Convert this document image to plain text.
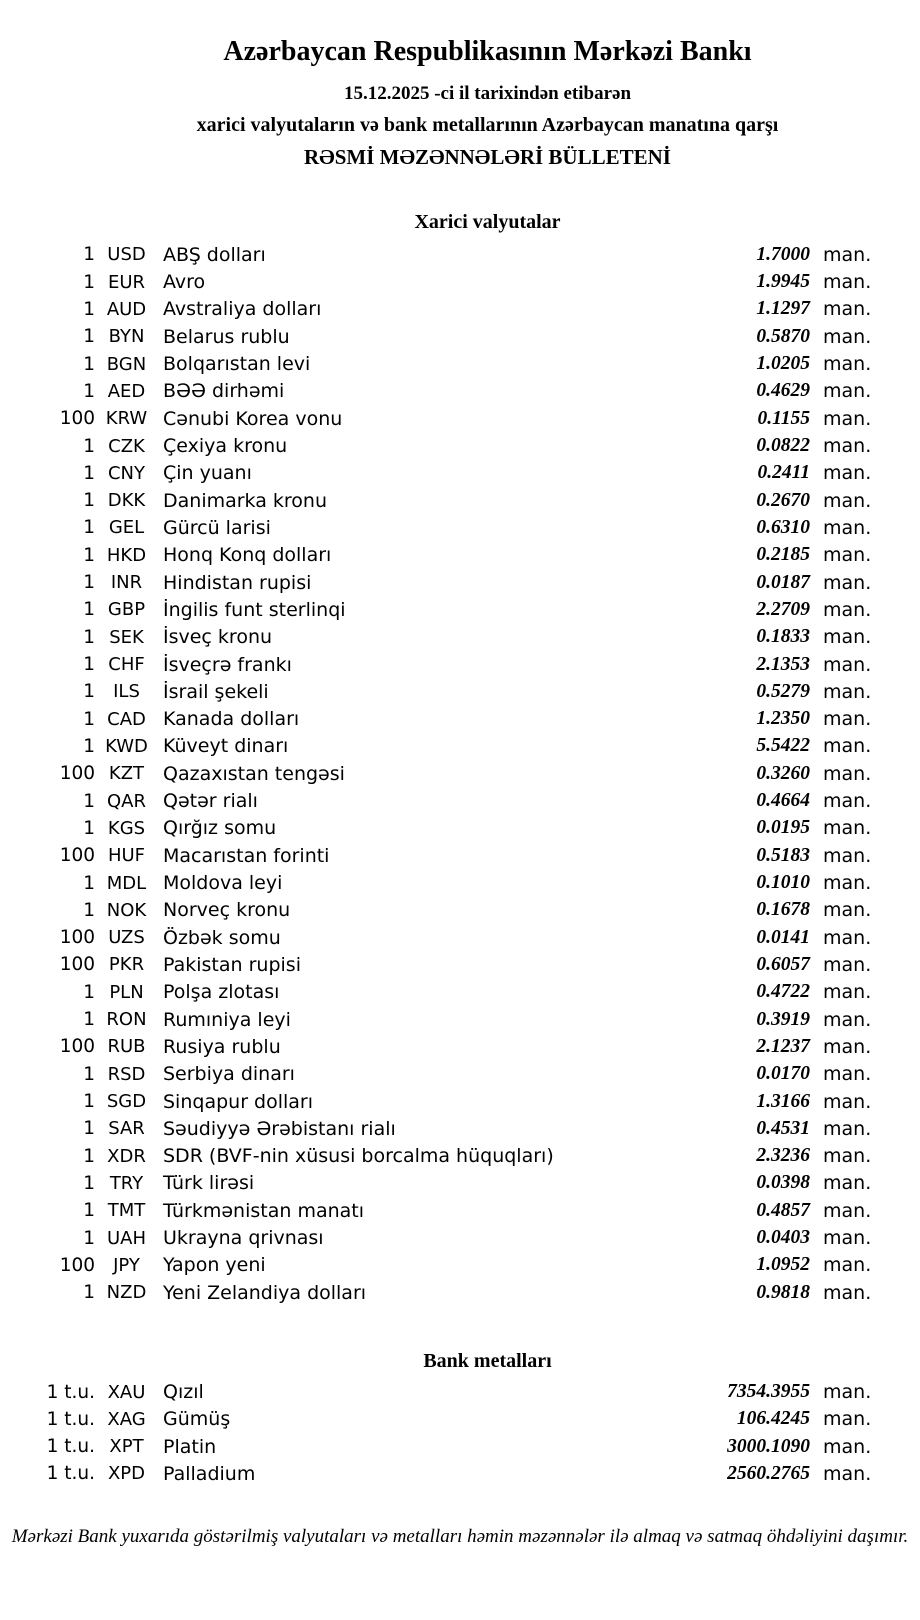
Azərbaycan Respublikasının Mərkəzi Bankı
15.12.2025 -ci il tarixindən etibarən
xarici valyutaların və bank metallarının Azərbaycan manatına qarşı
RƏSMİ MƏZƏNNƏLƏRİ BÜLLETENİ
Xarici valyutalar
1 USD ABŞ dolları	1.7000 man.
1 EUR Avro	1.9945 man.
1 AUD Avstraliya dolları	1.1297 man.
1 BYN Belarus rublu	0.5870 man.
1 BGN Bolqarıstan levi	1.0205 man.
1 AED BƏƏ dirhəmi	0.4629 man.
100 KRW Cənubi Korea vonu	0.1155 man.
1 CZK Çexiya kronu	0.0822 man.
1 CNY Çin yuanı	0.2411 man.
1 DKK Danimarka kronu	0.2670 man.
1 GEL Gürcü larisi	0.6310 man.
1 HKD Honq Konq dolları	0.2185 man.
1 INR	Hindistan rupisi	0.0187 man.
1 GBP İngilis funt sterlinqi	2.2709 man.
1 SEK	İsveç kronu	0.1833 man.
1 CHF İsveçrə frankı	2.1353 man.
1	ILS	İsrail şekeli	0.5279 man.
1 CAD Kanada dolları	1.2350 man.
1 KWD Küveyt dinarı	5.5422 man.
100 KZT Qazaxıstan tengəsi	0.3260 man.
1 QAR Qətər rialı	0.4664 man.
1 KGS Qırğız somu	0.0195 man.
100 HUF Macarıstan forinti	0.5183 man.
1 MDL Moldova leyi	0.1010 man.
1 NOK Norveç kronu	0.1678 man.
100 UZS Özbək somu	0.0141 man.
100 PKR Pakistan rupisi	0.6057 man.
1 PLN	Polşa zlotası	0.4722 man.
1 RON Rumıniya leyi	0.3919 man.
100 RUB Rusiya rublu	2.1237 man.
1 RSD Serbiya dinarı	0.0170 man.
1 SGD Sinqapur dolları	1.3166 man.
1 SAR Səudiyyə Ərəbistanı rialı	0.4531 man.
1 XDR SDR (BVF-nin xüsusi borcalma hüquqları)	2.3236 man.
1 TRY	Türk lirəsi	0.0398 man.
1 TMT Türkmənistan manatı	0.4857 man.
1 UAH Ukrayna qrivnası	0.0403 man.
100	JPY	Yapon yeni	1.0952 man.
1 NZD Yeni Zelandiya dolları	0.9818 man.
Bank metalları
1 t.u. XAU Qızıl	7354.3955 man.
1 t.u. XAG Gümüş	106.4245 man.
1 t.u. XPT	Platin	3000.1090 man.
1 t.u. XPD Palladium	2560.2765 man.
Mərkəzi Bank yuxarıda göstərilmiş valyutaları və metalları həmin məzənnələr ilə almaq və satmaq öhdəliyini daşımır.
